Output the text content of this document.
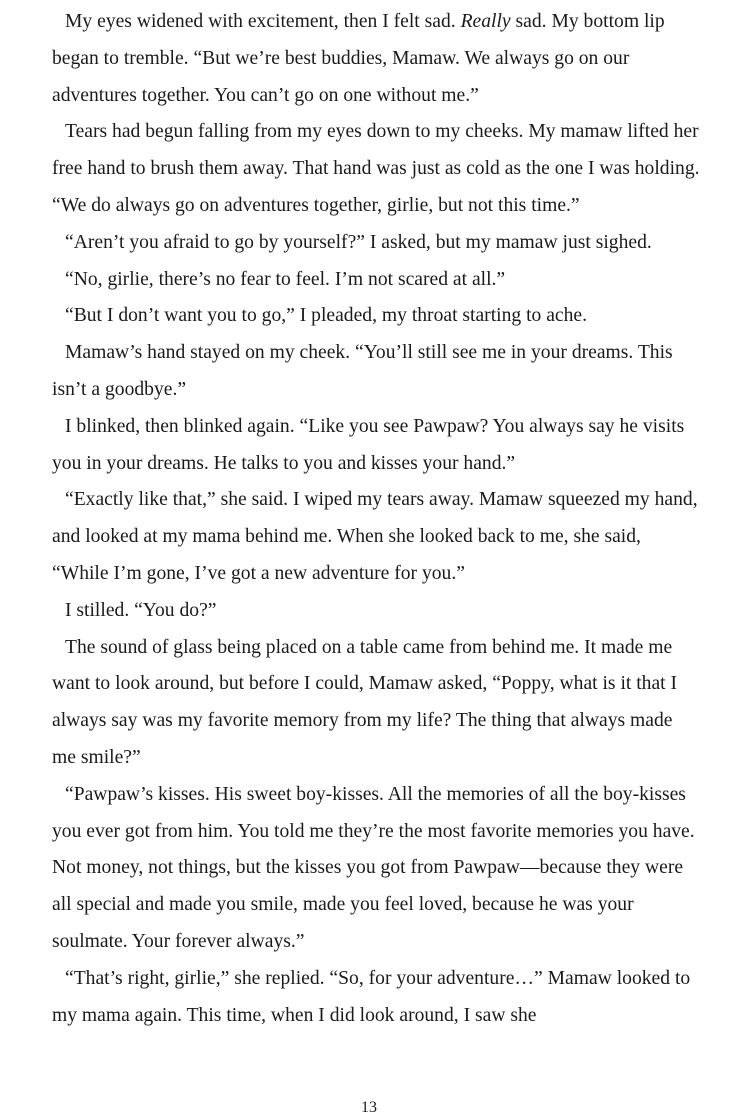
My eyes widened with excitement, then I felt sad. Really sad. My bottom lip began to tremble. “But we’re best buddies, Mamaw. We always go on our adventures together. You can’t go on one without me.”

Tears had begun falling from my eyes down to my cheeks. My mamaw lifted her free hand to brush them away. That hand was just as cold as the one I was holding. “We do always go on adventures together, girlie, but not this time.”

“Aren’t you afraid to go by yourself?” I asked, but my mamaw just sighed.

“No, girlie, there’s no fear to feel. I’m not scared at all.”

“But I don’t want you to go,” I pleaded, my throat starting to ache.

Mamaw’s hand stayed on my cheek. “You’ll still see me in your dreams. This isn’t a goodbye.”

I blinked, then blinked again. “Like you see Pawpaw? You always say he visits you in your dreams. He talks to you and kisses your hand.”

“Exactly like that,” she said. I wiped my tears away. Mamaw squeezed my hand, and looked at my mama behind me. When she looked back to me, she said, “While I’m gone, I’ve got a new adventure for you.”

I stilled. “You do?”

The sound of glass being placed on a table came from behind me. It made me want to look around, but before I could, Mamaw asked, “Poppy, what is it that I always say was my favorite memory from my life? The thing that always made me smile?”

“Pawpaw’s kisses. His sweet boy-kisses. All the memories of all the boy-kisses you ever got from him. You told me they’re the most favorite memories you have. Not money, not things, but the kisses you got from Pawpaw—because they were all special and made you smile, made you feel loved, because he was your soulmate. Your forever always.”

“That’s right, girlie,” she replied. “So, for your adventure…” Mamaw looked to my mama again. This time, when I did look around, I saw she

13
